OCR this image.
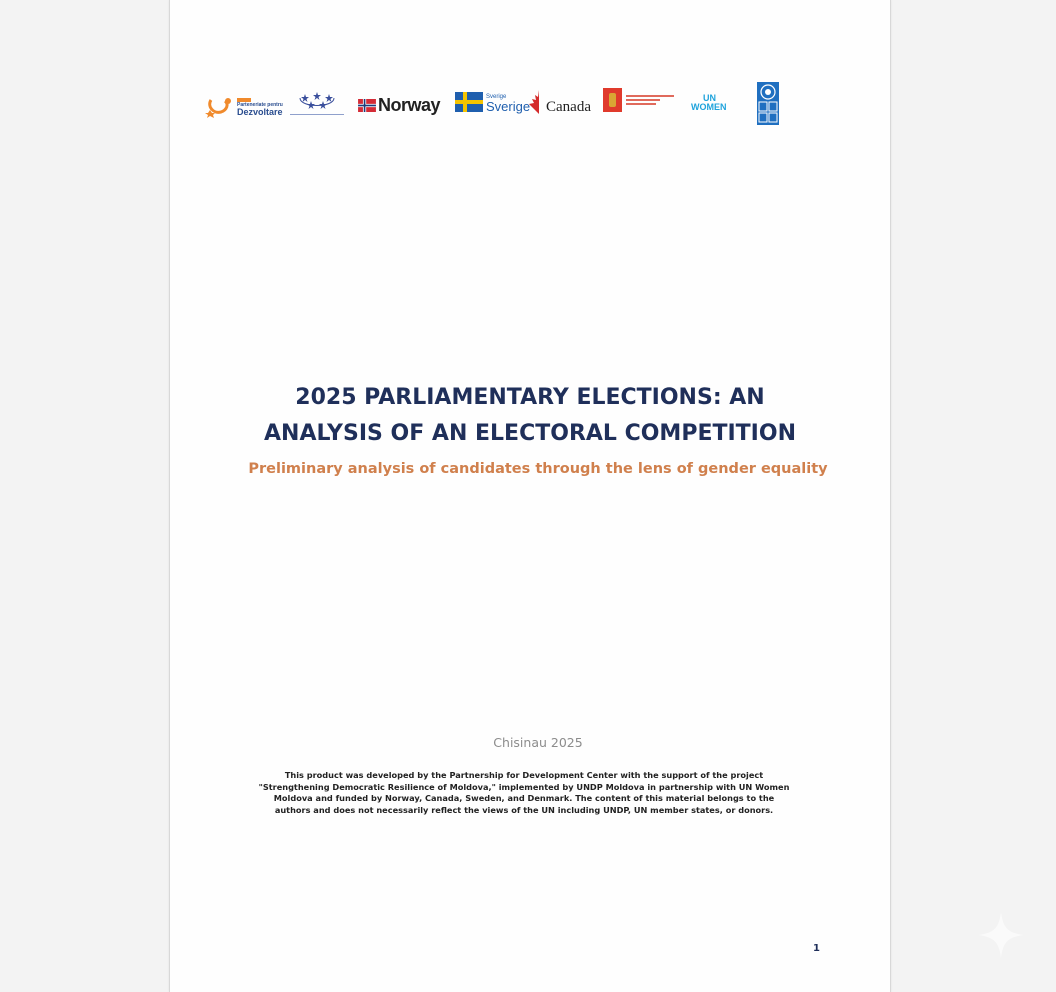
Parteneriate pentru
Dezvoltare	Norway	Sverige
Sverige
Canada
UN
WOMEN
2025 PARLIAMENTARY ELECTIONS: AN
ANALYSIS OF AN ELECTORAL COMPETITION
Preliminary analysis of candidates through the lens of gender equality
Chisinau 2025
This product was developed by the Partnership for Development Center with the support of the project "Strengthening Democratic Resilience of Moldova," implemented by UNDP Moldova in partnership with UN Women Moldova and funded by Norway, Canada, Sweden, and Denmark. The content of this material belongs to the authors and does not necessarily reflect the views of the UN including UNDP, UN member states, or donors.
1
